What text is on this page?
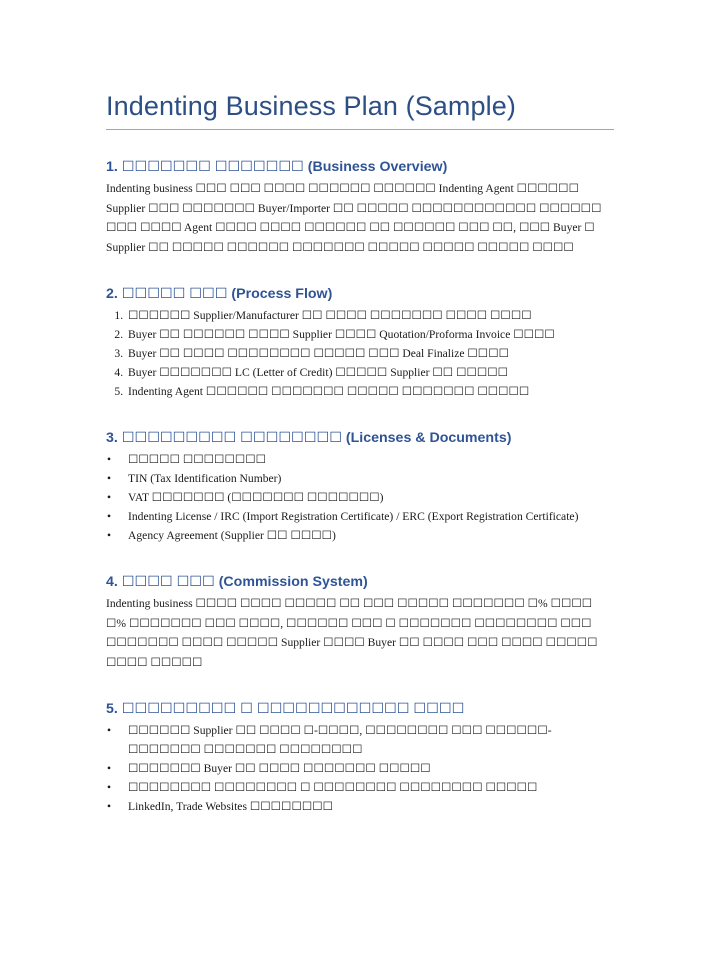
Indenting Business Plan (Sample)
1. ☐☐☐☐☐☐☐ ☐☐☐☐☐☐☐ (Business Overview)

Indenting business ☐☐☐ ☐☐☐ ☐☐☐☐ ☐☐☐☐☐☐ ☐☐☐☐☐☐ Indenting Agent ☐☐☐☐☐☐ Supplier ☐☐☐ ☐☐☐☐☐☐☐ Buyer/Importer ☐☐ ☐☐☐☐☐ ☐☐☐☐☐☐☐☐☐☐☐☐ ☐☐☐☐☐☐ ☐☐☐ ☐☐☐☐ Agent ☐☐☐☐ ☐☐☐☐ ☐☐☐☐☐☐ ☐☐ ☐☐☐☐☐☐ ☐☐☐ ☐☐, ☐☐☐ Buyer ☐ Supplier ☐☐ ☐☐☐☐☐ ☐☐☐☐☐☐ ☐☐☐☐☐☐☐ ☐☐☐☐☐ ☐☐☐☐☐ ☐☐☐☐☐ ☐☐☐☐

2. ☐☐☐☐☐ ☐☐☐ (Process Flow)
1. ☐☐☐☐☐☐ Supplier/Manufacturer ☐☐ ☐☐☐☐ ☐☐☐☐☐☐☐ ☐☐☐☐ ☐☐☐☐
2. Buyer ☐☐ ☐☐☐☐☐☐ ☐☐☐☐ Supplier ☐☐☐☐ Quotation/Proforma Invoice ☐☐☐☐
3. Buyer ☐☐ ☐☐☐☐ ☐☐☐☐☐☐☐☐ ☐☐☐☐☐ ☐☐☐ Deal Finalize ☐☐☐☐
4. Buyer ☐☐☐☐☐☐☐ LC (Letter of Credit) ☐☐☐☐☐ Supplier ☐☐ ☐☐☐☐☐
5. Indenting Agent ☐☐☐☐☐☐ ☐☐☐☐☐☐☐ ☐☐☐☐☐ ☐☐☐☐☐☐☐ ☐☐☐☐☐
3. ☐☐☐☐☐☐☐☐☐ ☐☐☐☐☐☐☐☐ (Licenses & Documents)
• ☐☐☐☐☐ ☐☐☐☐☐☐☐☐
• TIN (Tax Identification Number)
• VAT ☐☐☐☐☐☐☐ (☐☐☐☐☐☐☐ ☐☐☐☐☐☐☐)
• Indenting License / IRC (Import Registration Certificate) / ERC (Export Registration Certificate)
• Agency Agreement (Supplier ☐☐ ☐☐☐☐)
4. ☐☐☐☐ ☐☐☐ (Commission System)

Indenting business ☐☐☐☐ ☐☐☐☐ ☐☐☐☐☐ ☐☐ ☐☐☐ ☐☐☐☐☐ ☐☐☐☐☐☐☐ ☐% ☐☐☐☐ ☐% ☐☐☐☐☐☐☐ ☐☐☐ ☐☐☐☐, ☐☐☐☐☐☐ ☐☐☐ ☐ ☐☐☐☐☐☐☐ ☐☐☐☐☐☐☐☐ ☐☐☐ ☐☐☐☐☐☐☐ ☐☐☐☐ ☐☐☐☐☐ Supplier ☐☐☐☐ Buyer ☐☐ ☐☐☐☐ ☐☐☐ ☐☐☐☐ ☐☐☐☐☐ ☐☐☐☐ ☐☐☐☐☐

5. ☐☐☐☐☐☐☐☐☐ ☐ ☐☐☐☐☐☐☐☐☐☐☐☐ ☐☐☐☐
• ☐☐☐☐☐☐ Supplier ☐☐ ☐☐☐☐ ☐-☐☐☐☐, ☐☐☐☐☐☐☐☐ ☐☐☐ ☐☐☐☐☐☐-☐☐☐☐☐☐☐ ☐☐☐☐☐☐☐ ☐☐☐☐☐☐☐☐
• ☐☐☐☐☐☐☐ Buyer ☐☐ ☐☐☐☐ ☐☐☐☐☐☐☐ ☐☐☐☐☐
• ☐☐☐☐☐☐☐☐ ☐☐☐☐☐☐☐☐ ☐ ☐☐☐☐☐☐☐☐ ☐☐☐☐☐☐☐☐ ☐☐☐☐☐
• LinkedIn, Trade Websites ☐☐☐☐☐☐☐☐
